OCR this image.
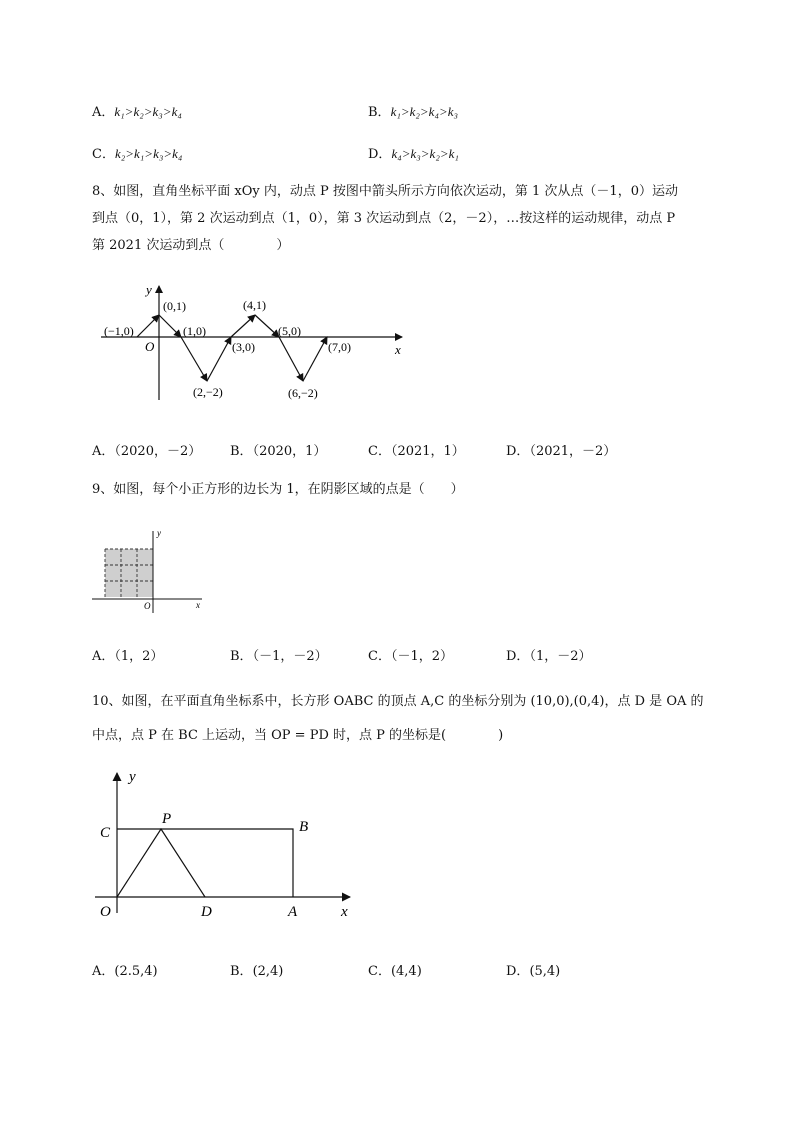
A．k₁>k₂>k₃>k₄	B．k₁>k₂>k₄>k₃
C．k₂>k₁>k₃>k₄	D．k₄>k₃>k₂>k₁
8、如图，直角坐标平面 xOy 内，动点 P 按图中箭头所示方向依次运动，第 1 次从点（－1，0）运动
到点（0，1），第 2 次运动到点（1，0），第 3 次运动到点（2，－2），…按这样的运动规律，动点 P
第 2021 次运动到点（　　　　）
x
y
O
(−1,0)
(0,1)
(1,0)
(2,−2)
(3,0)
(4,1)
(5,0)
(6,−2)
(7,0)
A．（2020，－2） B．（2020，1）	C．（2021，1）	D．（2021，－2）
9、如图，每个小正方形的边长为 1，在阴影区域的点是（　　）
y
x
O
A．（1，2）	B．（－1，－2）	C．（－1，2）	D．（1，－2）
10、如图，在平面直角坐标系中，长方形 OABC 的顶点 A,C 的坐标分别为 (10,0),(0,4)，点 D 是 OA 的
中点，点 P 在 BC 上运动，当 OP = PD 时，点 P 的坐标是(　　　　)
y
x
O
C
P	B
D	A
A．(2.5,4)	B．(2,4)	C．(4,4)	D．(5,4)
